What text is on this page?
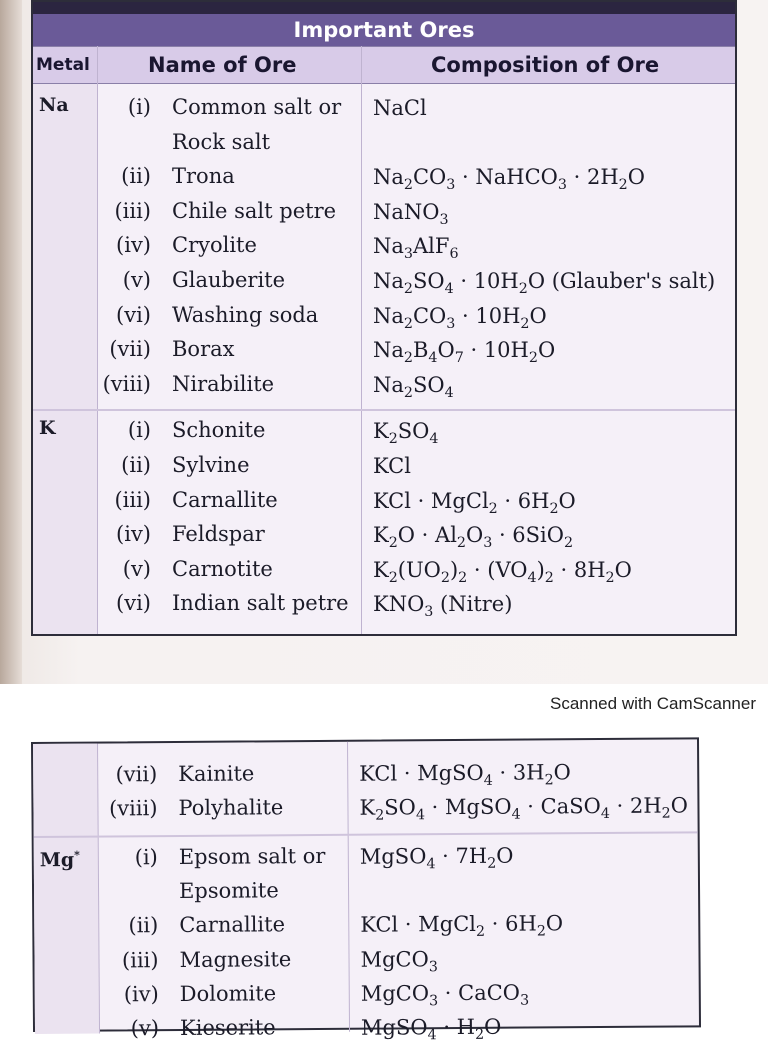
Important Ores
Metal	Name of Ore	Composition of Ore
Na	(i) Common salt or NaCl
Rock salt
(ii) Trona	$Na_2CO_3$ · NaHCO$_3$ · $2H_2O$
(iii) Chile salt petre NaNO$_3$
(iv) Cryolite	$Na_3AlF_6$
(v) Glauberite	$Na_2SO_4 \cdot 10H_2O$ (Glauber's salt)
(vi) Washing soda	$Na_2CO_3 \cdot 10H_2O$
(vii) Borax	$Na_2B_4O_7 \cdot 10H_2O$
(viii) Nirabilite	$Na_2SO_4$
K	(i) Schonite	$K_2SO_4$
(ii) Sylvine	KCl
(iii) Carnallite	KCl · MgCl$_2$ · $6H_2O$
(iv) Feldspar	$K_2O \cdot Al_2O_3 \cdot 6SiO_2$
(v) Carnotite	$K_2(UO_2)_2 \cdot (VO_4)_2 \cdot 8H_2O$
(vi) Indian salt petre $KNO_3$ (Nitre)
Scanned with CamScanner
(vii) Kainite	KCl · MgSO$_4$ · $3H_2O$
(viii) Polyhalite	$K_2SO_4$ · MgSO$_4$ · CaSO$_4$ · $2H_2O$
Mg*	(i) Epsom salt or MgSO$_4$ · $7H_2O$
Epsomite
(ii) Carnallite	KCl · MgCl$_2$ · $6H_2O$
(iii) Magnesite	MgCO$_3$
(iv) Dolomite	MgCO$_3$ · CaCO$_3$
(v) Kieserite	MgSO$_4$ · $H_2O$
